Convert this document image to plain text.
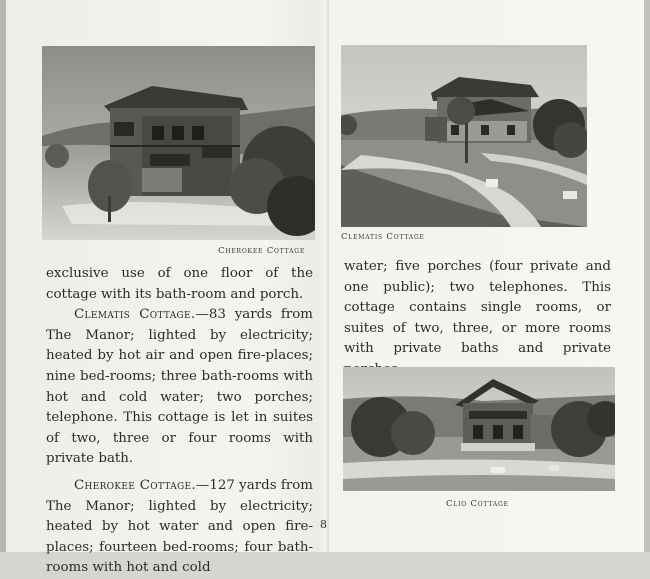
Cherokee Cottage
Clematis Cottage

exclusive use of one floor of the cottage with its bath-room and porch.

Clematis Cottage.—83 yards from The Manor; lighted by electricity; heated by hot air and open fire-places; nine bed-rooms; three bath-rooms with hot and cold water; two porches; telephone. This cottage is let in suites of two, three or four rooms with private bath.

Cherokee Cottage.—127 yards from The Manor; lighted by electricity; heated by hot water and open fire-places; fourteen bed-rooms; four bath-rooms with hot and cold

water; five porches (four private and one public); two telephones. This cottage contains single rooms, or suites of two, three, or more rooms with private baths and private

Clio Cottage
8
